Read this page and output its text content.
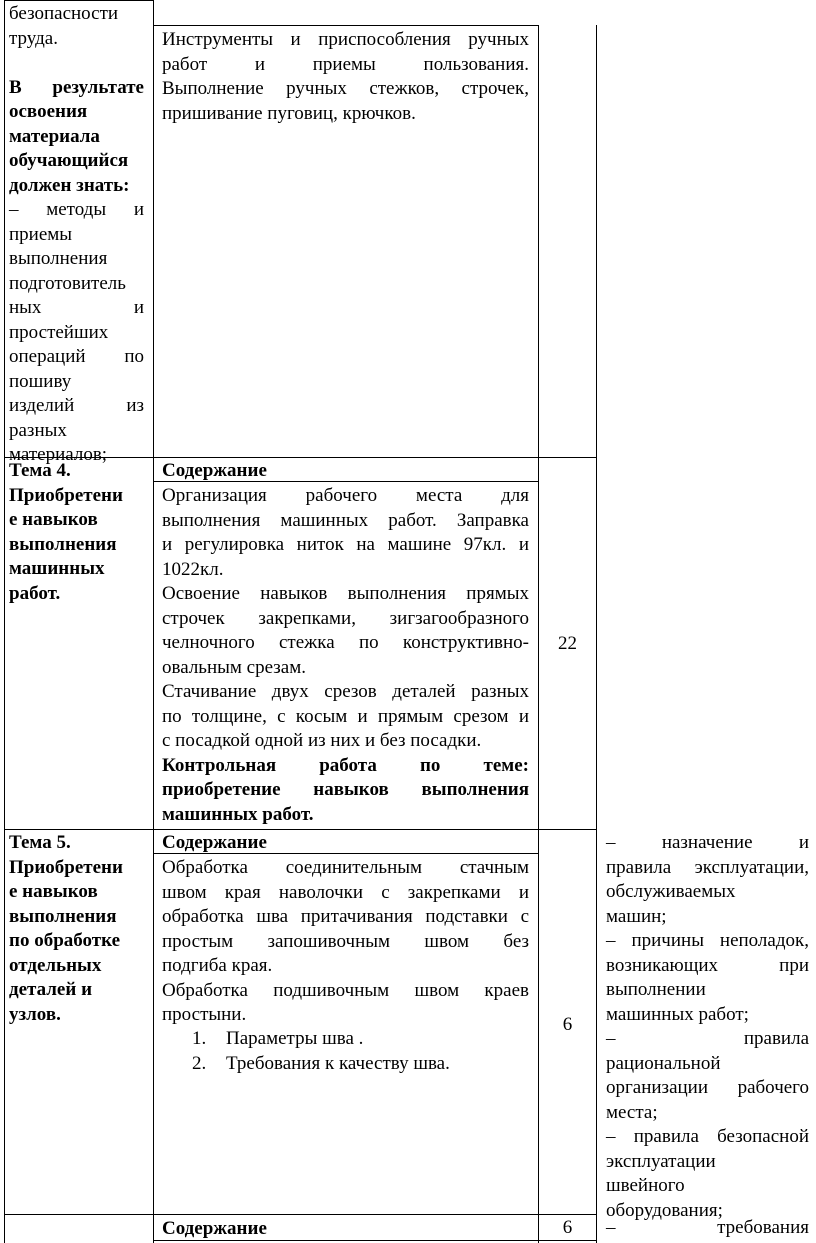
безопасности
труда.

В результате
освоения
материала
обучающийся
должен знать:
– методы и
приемы
выполнения
подготовитель
ных и
простейших
операций по
пошиву
изделий из
разных
материалов;
Инструменты и приспособления ручных
работ и приемы пользования.
Выполнение ручных стежков, строчек,
пришивание пуговиц, крючков.
Тема 4.
Приобретени
е навыков
выполнения
машинных
работ.
Содержание
Организация рабочего места для
выполнения машинных работ. Заправка
и регулировка ниток на машине 97кл. и
1022кл.
Освоение навыков выполнения прямых
строчек закрепками, зигзагообразного
челночного стежка по конструктивно-
овальным срезам.
Стачивание двух срезов деталей разных
по толщине, с косым и прямым срезом и
с посадкой одной из них и без посадки.
Контрольная работа по теме:
приобретение навыков выполнения
машинных работ.
22
Тема 5.
Приобретени
е навыков
выполнения
по обработке
отдельных
деталей и
узлов.
Содержание
Обработка соединительным стачным
швом края наволочки с закрепками и
обработка шва притачивания подставки с
простым запошивочным швом без
подгиба края.
Обработка подшивочным швом краев
простыни.
1. Параметры шва .
2. Требования к качеству шва.
6
– назначение и
правила эксплуатации,
обслуживаемых
машин;
– причины неполадок,
возникающих при
выполнении
машинных работ;
– правила
рациональной
организации рабочего
места;
– правила безопасной
эксплуатации
швейного
оборудования;
Содержание	6	– требования
